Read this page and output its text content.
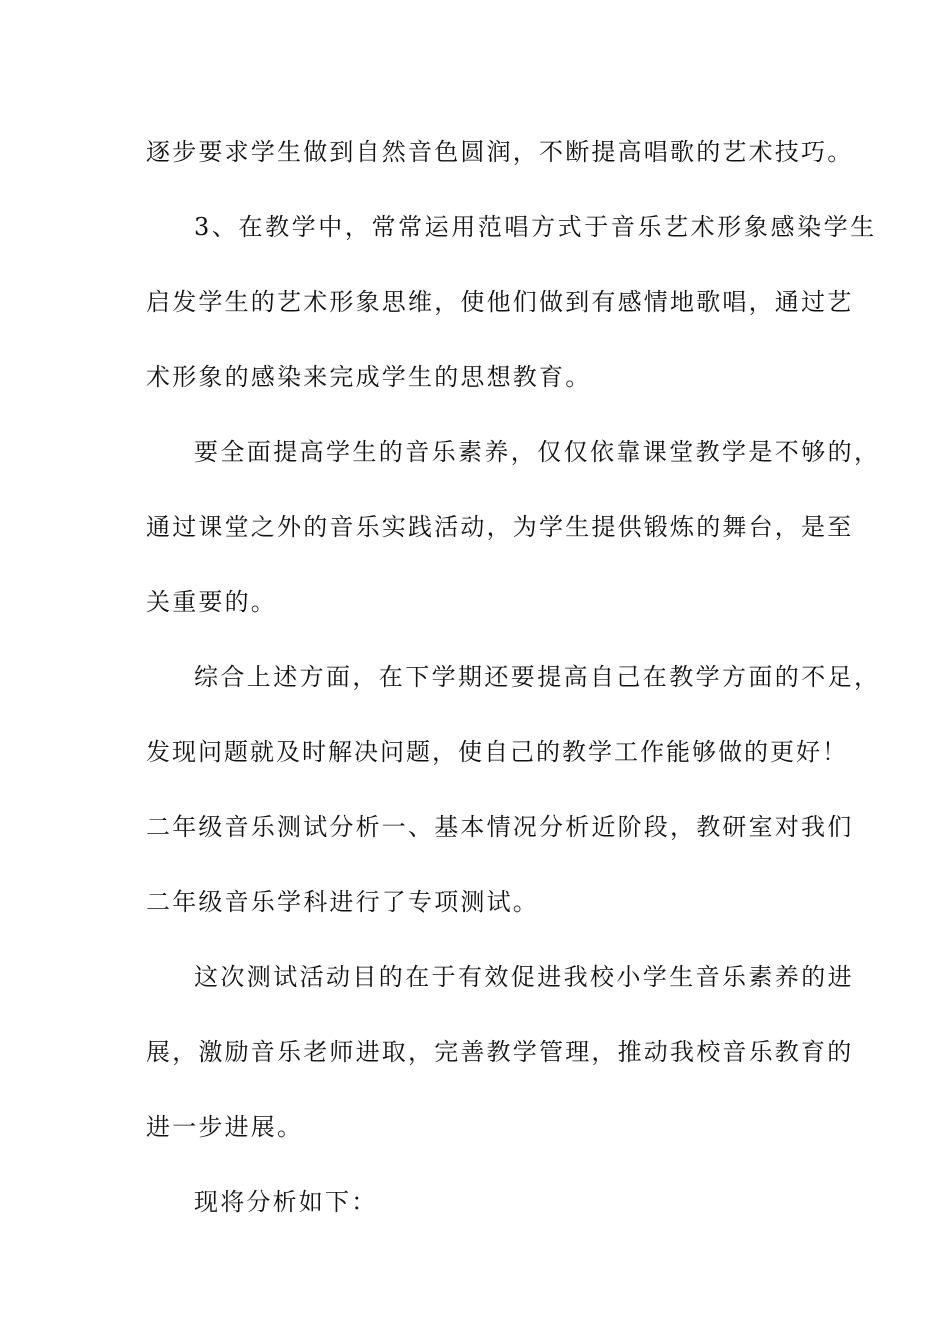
逐步要求学生做到自然音色圆润，不断提高唱歌的艺术技巧。
3、在教学中，常常运用范唱方式于音乐艺术形象感染学生
启发学生的艺术形象思维，使他们做到有感情地歌唱，通过艺
术形象的感染来完成学生的思想教育。
要全面提高学生的音乐素养，仅仅依靠课堂教学是不够的，
通过课堂之外的音乐实践活动，为学生提供锻炼的舞台，是至
关重要的。
综合上述方面，在下学期还要提高自己在教学方面的不足，
发现问题就及时解决问题，使自己的教学工作能够做的更好！
二年级音乐测试分析一、基本情况分析近阶段，教研室对我们
二年级音乐学科进行了专项测试。
这次测试活动目的在于有效促进我校小学生音乐素养的进
展，激励音乐老师进取，完善教学管理，推动我校音乐教育的
进一步进展。
现将分析如下：
